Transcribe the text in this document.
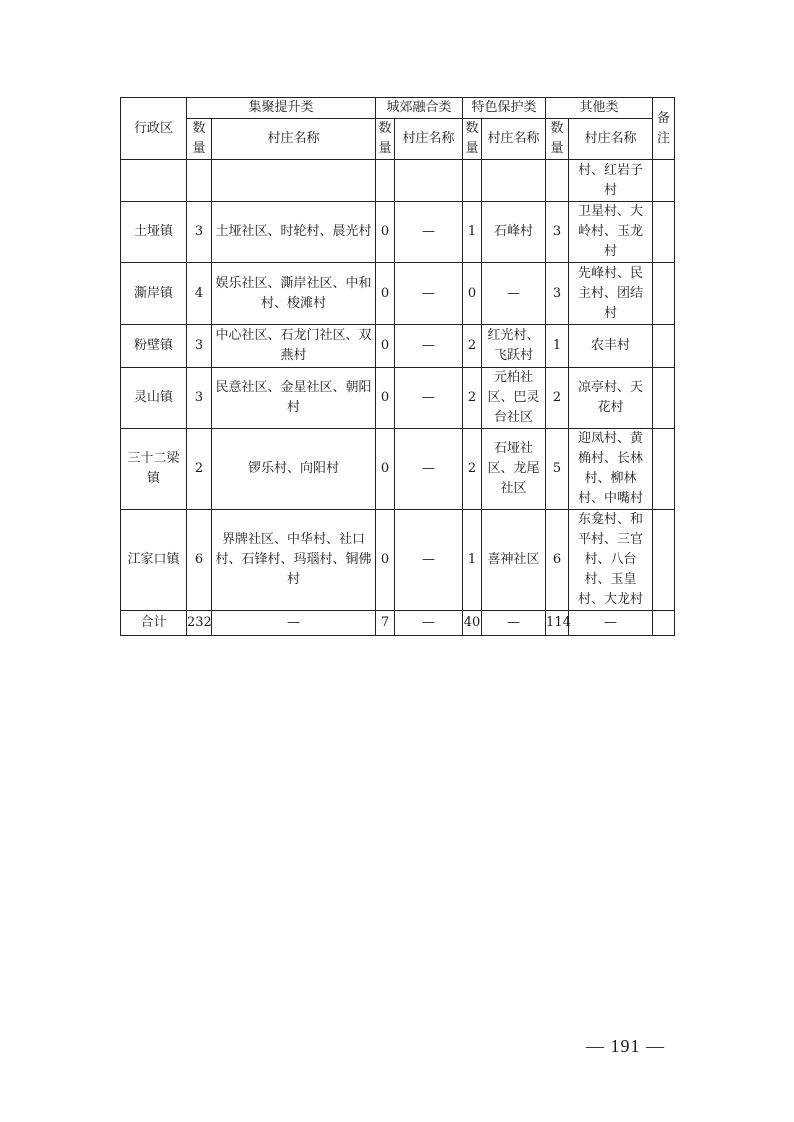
行政区	集聚提升类		城郊融合类		特色保护类		其他类		备注
	数量	村庄名称	数量	村庄名称	数量	村庄名称	数量	村庄名称	
								村、红岩子村	
土垭镇	3	土垭社区、时轮村、晨光村	0	—	1	石峰村	3	卫星村、大岭村、玉龙村	
澌岸镇	4	娱乐社区、澌岸社区、中和村、梭滩村	0	—	0	—	3	先峰村、民主村、团结村	
粉壁镇	3	中心社区、石龙门社区、双燕村	0	—	2	红光村、飞跃村	1	农丰村	
灵山镇	3	民意社区、金星社区、朝阳村	0	—	2	元柏社区、巴灵台社区	2	凉亭村、天花村	
三十二梁镇	2	锣乐村、向阳村	0	—	2	石垭社区、龙尾社区	5	迎凤村、黄桷村、长林村、柳林村、中嘴村	
江家口镇	6	界牌社区、中华村、社口村、石锋村、玛瑙村、铜佛村	0	—	1	喜神社区	6	东龛村、和平村、三官村、八台村、玉皇村、大龙村	
合计	232	—	7	—	40	—	114	—	
— 191 —
